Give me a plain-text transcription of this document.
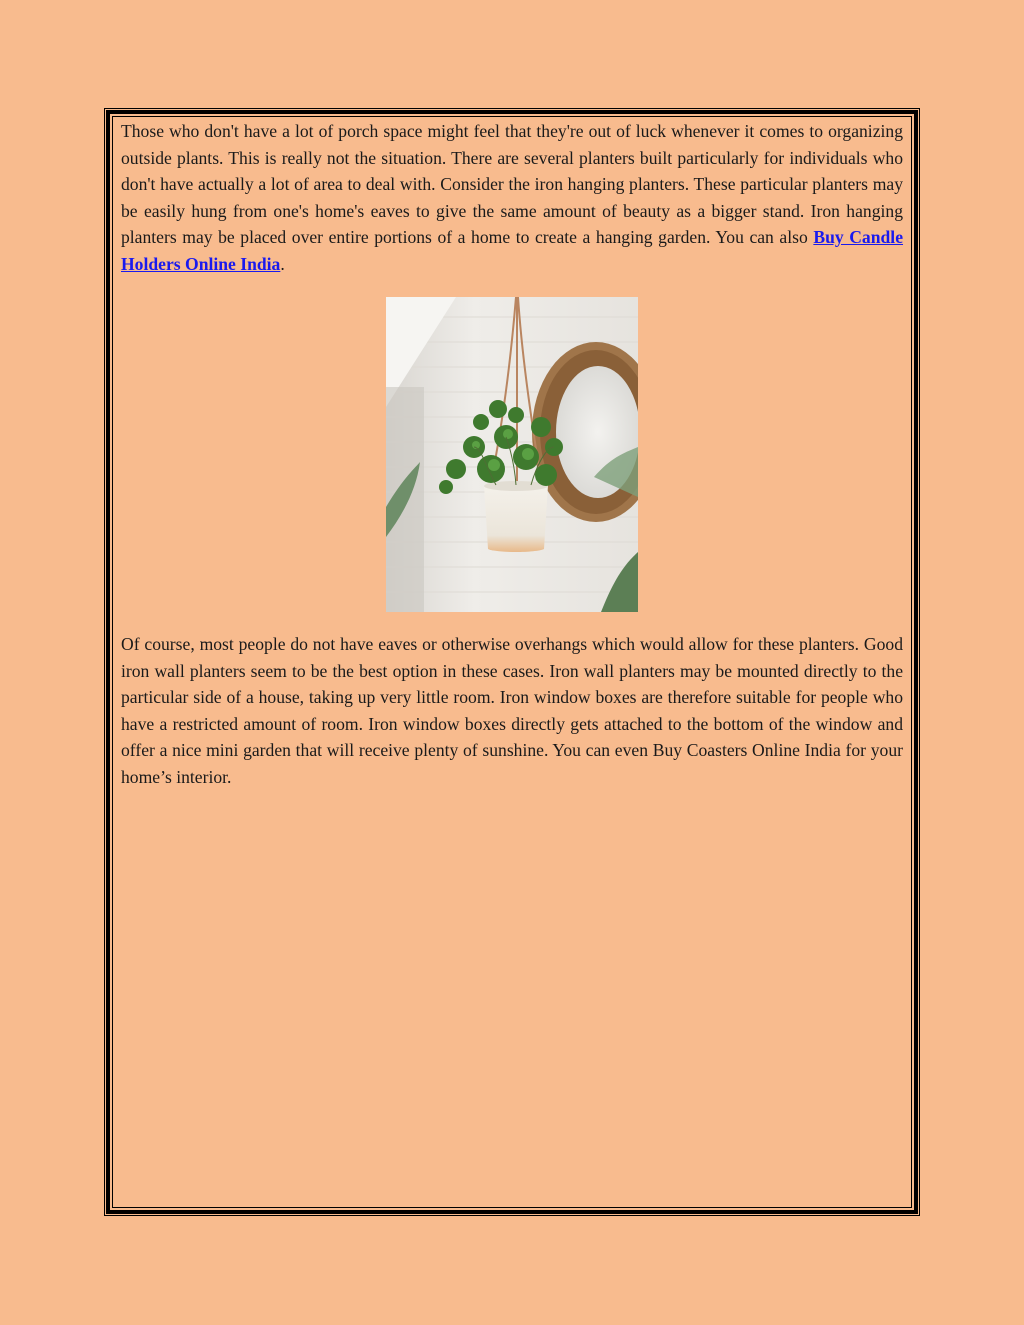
Those who don't have a lot of porch space might feel that they're out of luck whenever it comes to organizing outside plants. This is really not the situation. There are several planters built particularly for individuals who don't have actually a lot of area to deal with. Consider the iron hanging planters. These particular planters may be easily hung from one's home's eaves to give the same amount of beauty as a bigger stand. Iron hanging planters may be placed over entire portions of a home to create a hanging garden. You can also Buy Candle Holders Online India.

Of course, most people do not have eaves or otherwise overhangs which would allow for these planters. Good iron wall planters seem to be the best option in these cases. Iron wall planters may be mounted directly to the particular side of a house, taking up very little room. Iron window boxes are therefore suitable for people who have a restricted amount of room. Iron window boxes directly gets attached to the bottom of the window and offer a nice mini garden that will receive plenty of sunshine. You can even Buy Coasters Online India for your home’s interior.
